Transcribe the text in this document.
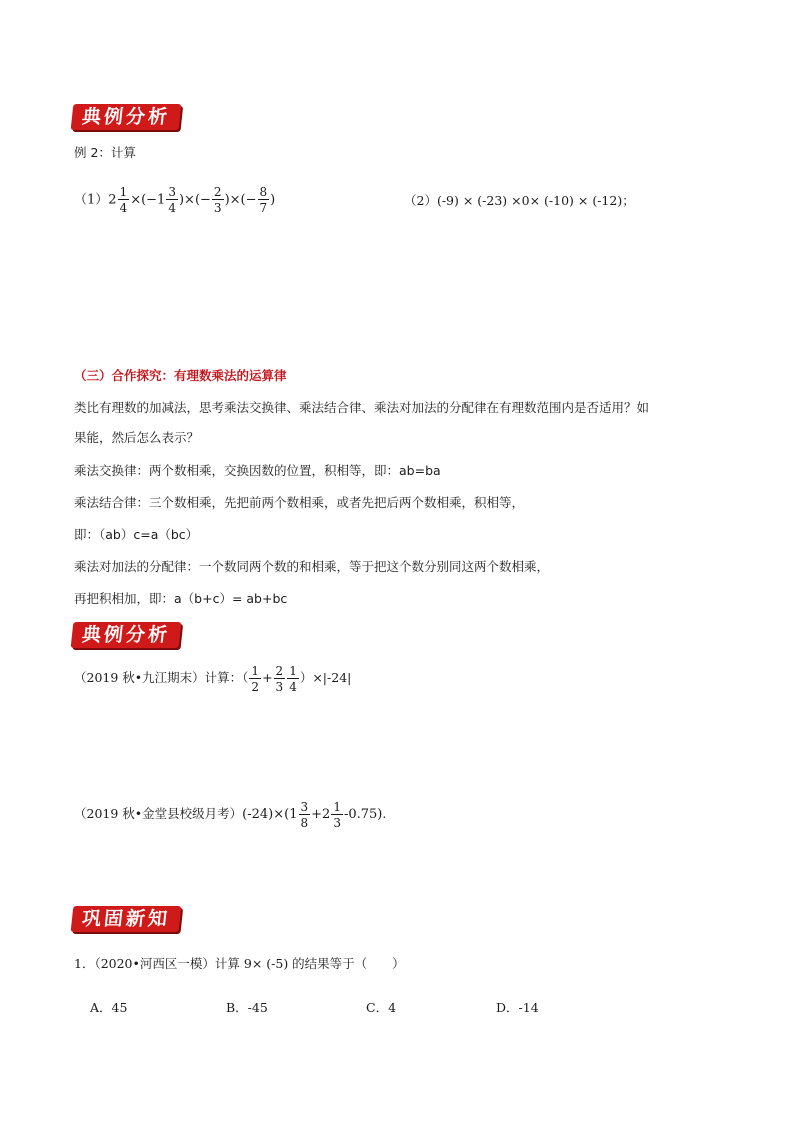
典例分析
例 2：计算
$(1)2 \frac{1}{4} \times(-1 \frac{3}{4}$ )×(− $\frac{2}{3}$ )×(− $\frac{8}{7}$ )	（2）(-9) × (-23) ×0× (-10) × (-12)；
（三）合作探究：有理数乘法的运算律
类比有理数的加减法，思考乘法交换律、乘法结合律、乘法对加法的分配律在有理数范围内是否适用？如
果能，然后怎么表示？
乘法交换律：两个数相乘，交换因数的位置，积相等，即：ab=ba
乘法结合律：三个数相乘，先把前两个数相乘，或者先把后两个数相乘，积相等，
即：（ab）c=a（bc）
乘法对加法的分配律：一个数同两个数的和相乘，等于把这个数分别同这两个数相乘，
再把积相加，即：a（b+c）= ab+bc
典例分析
（2019 秋•九江期末）计算：（ $\frac{1}{2} + \frac{2}{3} \frac{1}{4} )\times|-24|$
（2019 秋•金堂县校级月考）$(-24)\times(1 \frac{3}{8} +2 \frac{1}{3} -0.75)$.
巩固新知
1．（2020•河西区一模）计算 9× (-5) 的结果等于（　　）
A．45	B．-45	C．4	D．-14
